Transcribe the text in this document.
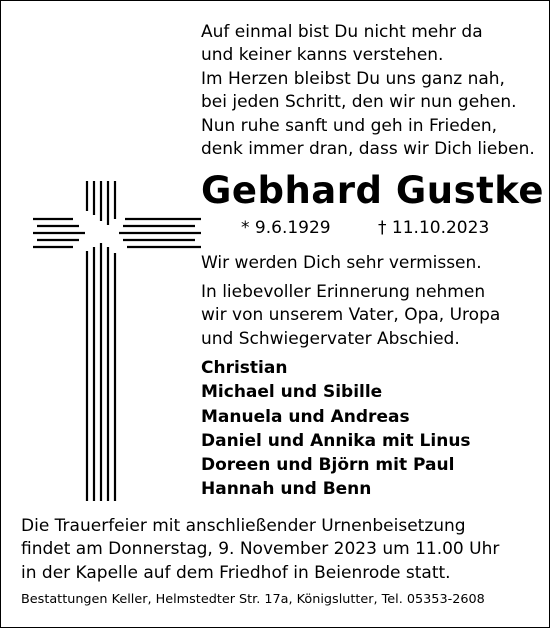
Auf einmal bist Du nicht mehr da
und keiner kanns verstehen.
Im Herzen bleibst Du uns ganz nah,
bei jeden Schritt, den wir nun gehen.
Nun ruhe sanft und geh in Frieden,
denk immer dran, dass wir Dich lieben.
Gebhard Gustke
* 9.6.1929	† 11.10.2023
Wir werden Dich sehr vermissen.
In liebevoller Erinnerung nehmen
wir von unserem Vater, Opa, Uropa
und Schwiegervater Abschied.
Christian
Michael und Sibille
Manuela und Andreas
Daniel und Annika mit Linus
Doreen und Björn mit Paul
Hannah und Benn
Die Trauerfeier mit anschließender Urnenbeisetzung
findet am Donnerstag, 9. November 2023 um 11.00 Uhr
in der Kapelle auf dem Friedhof in Beienrode statt.
Bestattungen Keller, Helmstedter Str. 17a, Königslutter, Tel. 05353-2608
